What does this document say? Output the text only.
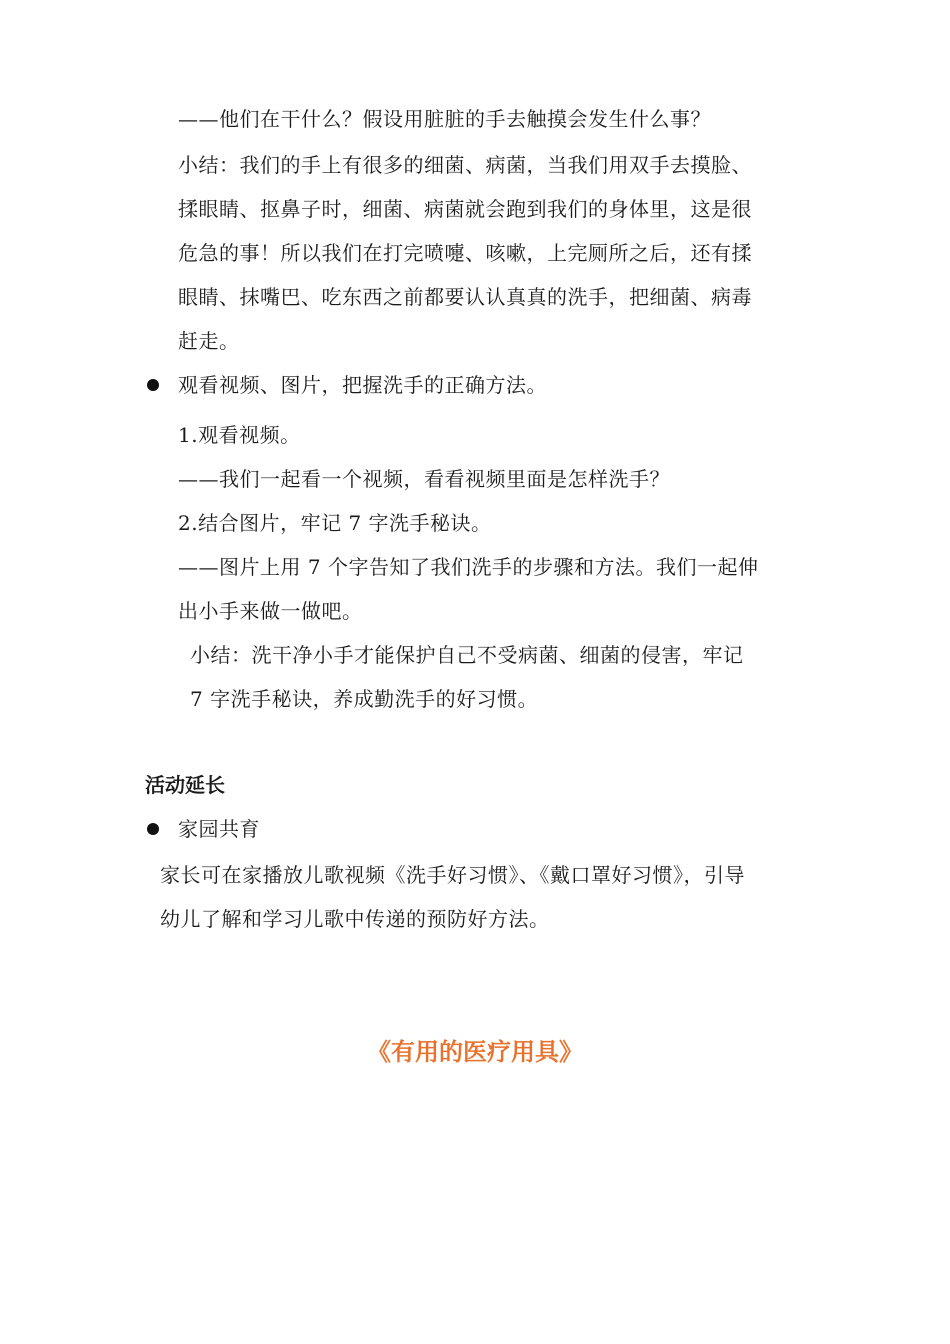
——他们在干什么？假设用脏脏的手去触摸会发生什么事？
小结：我们的手上有很多的细菌、病菌，当我们用双手去摸脸、
揉眼睛、抠鼻子时，细菌、病菌就会跑到我们的身体里，这是很
危急的事！所以我们在打完喷嚏、咳嗽，上完厕所之后，还有揉
眼睛、抹嘴巴、吃东西之前都要认认真真的洗手，把细菌、病毒
赶走。
观看视频、图片，把握洗手的正确方法。
1.观看视频。
——我们一起看一个视频，看看视频里面是怎样洗手？
2.结合图片，牢记 7 字洗手秘诀。
——图片上用 7 个字告知了我们洗手的步骤和方法。我们一起伸
出小手来做一做吧。
小结：洗干净小手才能保护自己不受病菌、细菌的侵害，牢记
7 字洗手秘诀，养成勤洗手的好习惯。
活动延长
家园共育
家长可在家播放儿歌视频《洗手好习惯》、《戴口罩好习惯》，引导
幼儿了解和学习儿歌中传递的预防好方法。
《有用的医疗用具》
